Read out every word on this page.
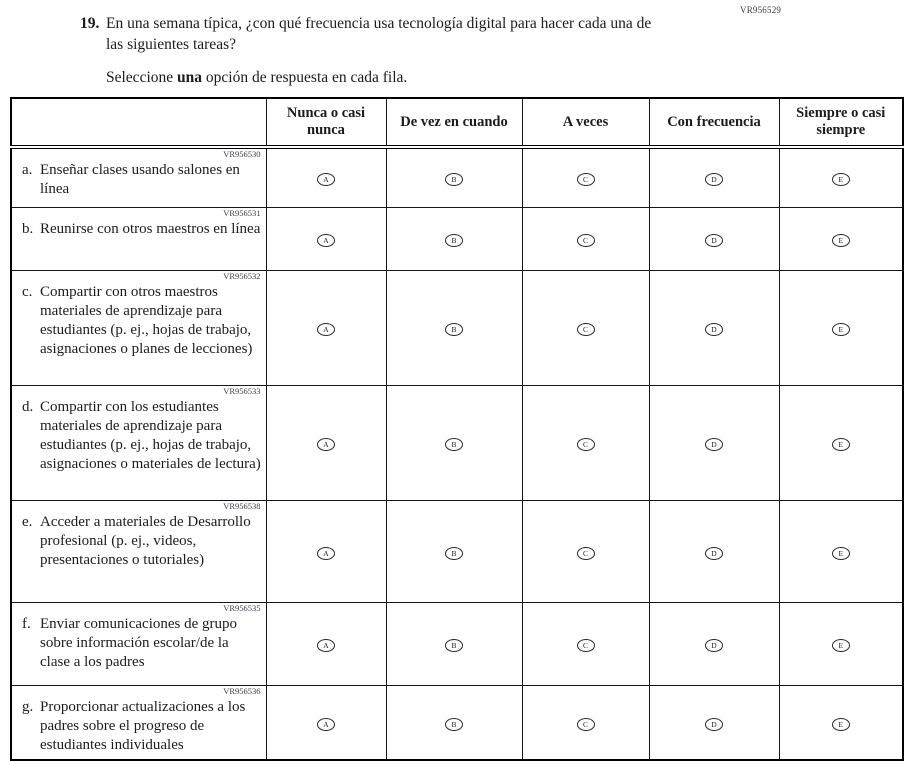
VR956529
19. En una semana típica, ¿con qué frecuencia usa tecnología digital para hacer cada una de
las siguientes tareas?

Seleccione una opción de respuesta en cada fila.

	Nunca o casi nunca	De vez en cuando	A veces	Con frecuencia	Siempre o casi siempre

VR956530
a. Enseñar clases usando salones en línea	A	B	C	D	E

VR956531
b. Reunirse con otros maestros en línea	A	B	C	D	E

VR956532
c. Compartir con otros maestros materiales de aprendizaje para estudiantes (p. ej., hojas de trabajo, asignaciones o planes de lecciones)	A	B	C	D	E

VR956533
d. Compartir con los estudiantes materiales de aprendizaje para estudiantes (p. ej., hojas de trabajo, asignaciones o materiales de lectura)	A	B	C	D	E

VR956538
e. Acceder a materiales de Desarrollo profesional (p. ej., videos, presentaciones o tutoriales)	A	B	C	D	E

VR956535
f. Enviar comunicaciones de grupo sobre información escolar/de la clase a los padres	A	B	C	D	E

VR956536
g. Proporcionar actualizaciones a los padres sobre el progreso de estudiantes individuales	A	B	C	D	E
